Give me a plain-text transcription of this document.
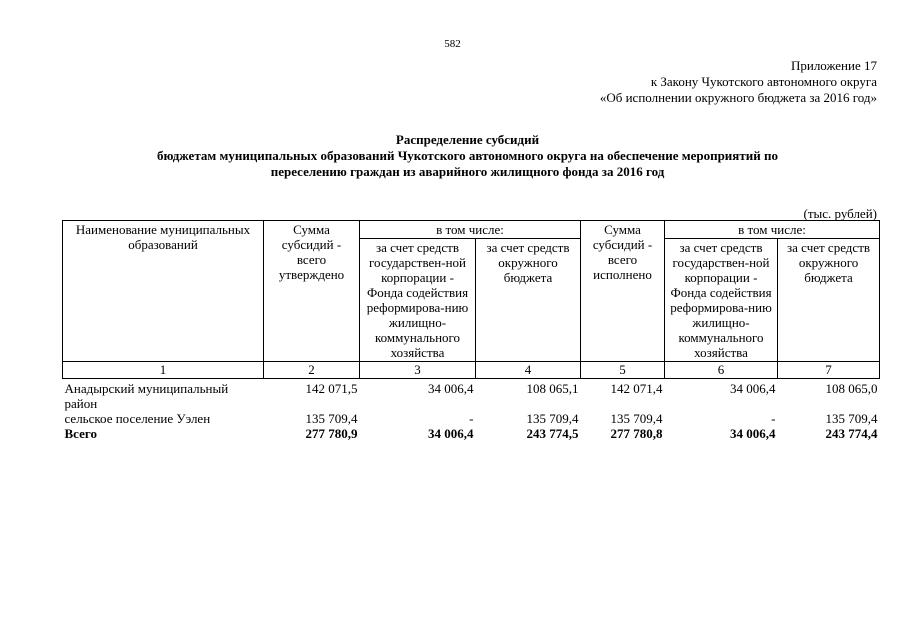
582
Приложение 17
к Закону Чукотского автономного округа
«Об исполнении окружного бюджета за 2016 год»
Распределение субсидий
бюджетам муниципальных образований Чукотского автономного округа на обеспечение мероприятий по
переселению граждан из аварийного жилищного фонда за 2016 год
(тыс. рублей)
Наименование муниципальных образований	Сумма субсидий - всего утверждено	в том числе:		Сумма субсидий - всего исполнено	в том числе:	
		за счет средств государствен-ной корпорации - Фонда содействия реформирова-нию жилищно-коммунального хозяйства	за счет средств окружного бюджета		за счет средств государствен-ной корпорации - Фонда содействия реформирова-нию жилищно-коммунального хозяйства	за счет средств окружного бюджета
1	2	3	4	5	6	7
Анадырский муниципальный район	142 071,5	34 006,4	108 065,1	142 071,4	34 006,4	108 065,0
сельское поселение Уэлен	135 709,4	-	135 709,4	135 709,4	-	135 709,4
Всего	277 780,9	34 006,4	243 774,5	277 780,8	34 006,4	243 774,4
